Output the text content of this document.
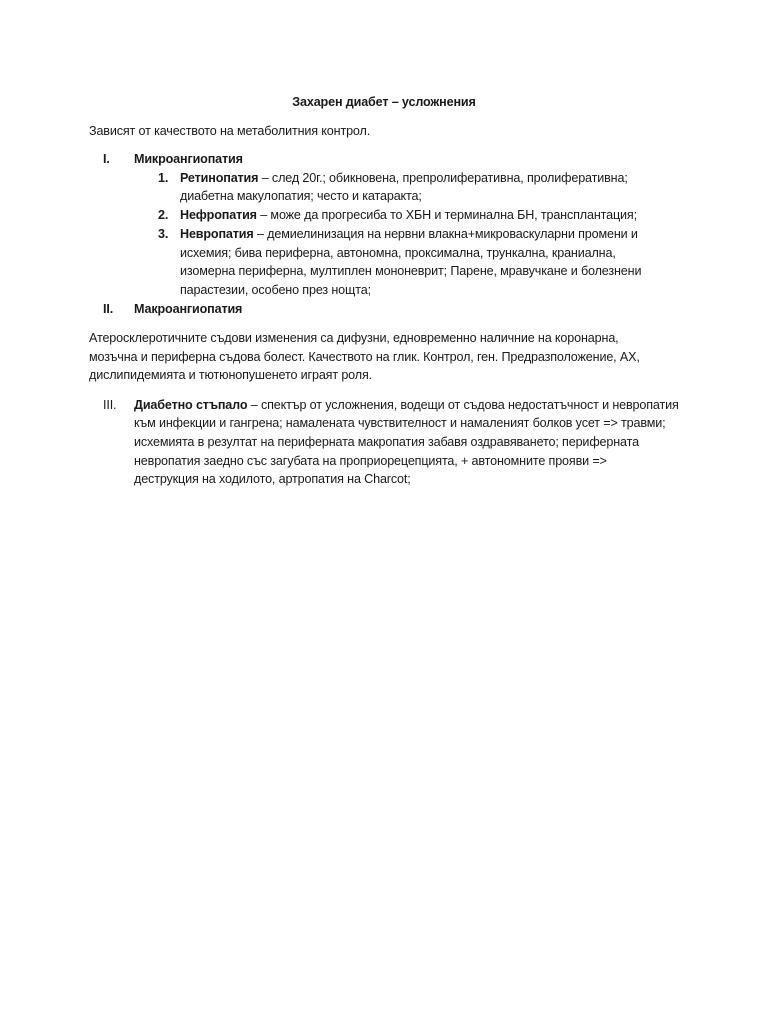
Захарен диабет – усложнения
Зависят от качеството на метаболитния контрол.
I. Микроангиопатия
1. Ретинопатия – след 20г.; обикновена, препролиферативна, пролиферативна;
диабетна макулопатия; често и катаракта;
2. Нефропатия – може да прогресиба то ХБН и терминална БН, трансплантация;
3. Невропатия – демиелинизация на нервни влакна+микроваскуларни промени и
исхемия; бива периферна, автономна, проксимална, трункална, краниална,
изомерна периферна, мултиплен мононеврит; Парене, мравучкане и болезнени
парастезии, особено през нощта;
II. Макроангиопатия
Атеросклеротичните съдови изменения са дифузни, едновременно наличние на коронарна,
мозъчна и периферна съдова болест. Качеството на глик. Контрол, ген. Предразположение, АХ,
дислипидемията и тютюнопушенето играят роля.
III. Диабетно стъпало – спектър от усложнения, водещи от съдова недостатъчност и невропатия
към инфекции и гангрена; намалената чувствителност и намаленият болков усет => травми;
исхемията в резултат на периферната макропатия забавя оздравяването; периферната
невропатия заедно със загубата на проприорецепцията, + автономните прояви =>
деструкция на ходилото, артропатия на Charcot;
